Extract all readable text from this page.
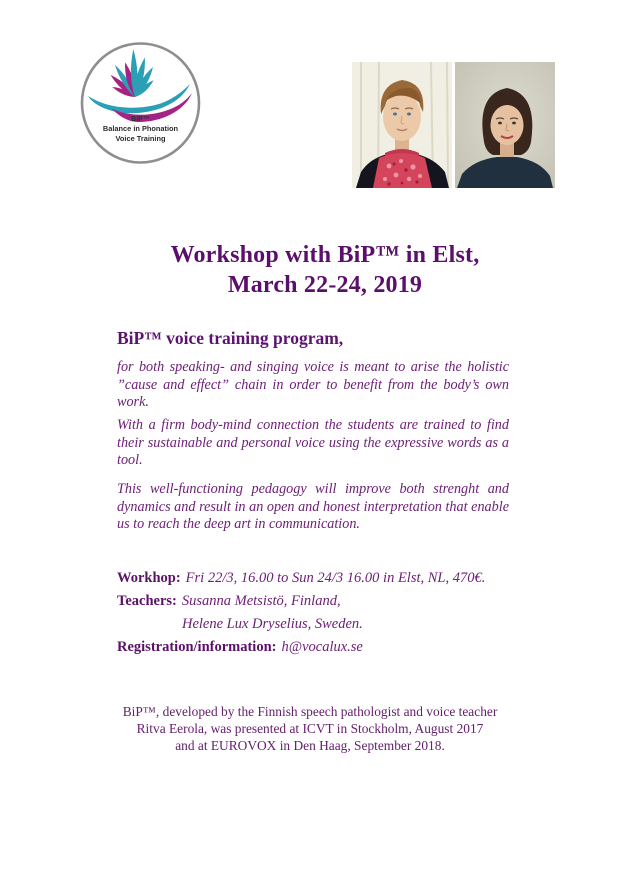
BiP™
Balance in Phonation
Voice Training
Workshop with BiP™ in Elst,
March 22-24, 2019
BiP™ voice training program,
for both speaking- and singing voice is meant to arise the holistic ”cause and effect” chain in order to benefit from the body’s own work.
With a firm body-mind connection the students are trained to find their sustainable and personal voice using the expressive words as a tool.
This well-functioning pedagogy will improve both strenght and dynamics and result in an open and honest interpretation that enable us to reach the deep art in communication.
Workhop: Fri 22/3, 16.00 to Sun 24/3 16.00 in Elst, NL, 470€.
Teachers: Susanna Metsistö, Finland,
Helene Lux Dryselius, Sweden.
Registration/information: h@vocalux.se
BiP™, developed by the Finnish speech pathologist and voice teacher
Ritva Eerola, was presented at ICVT in Stockholm, August 2017
and at EUROVOX in Den Haag, September 2018.
